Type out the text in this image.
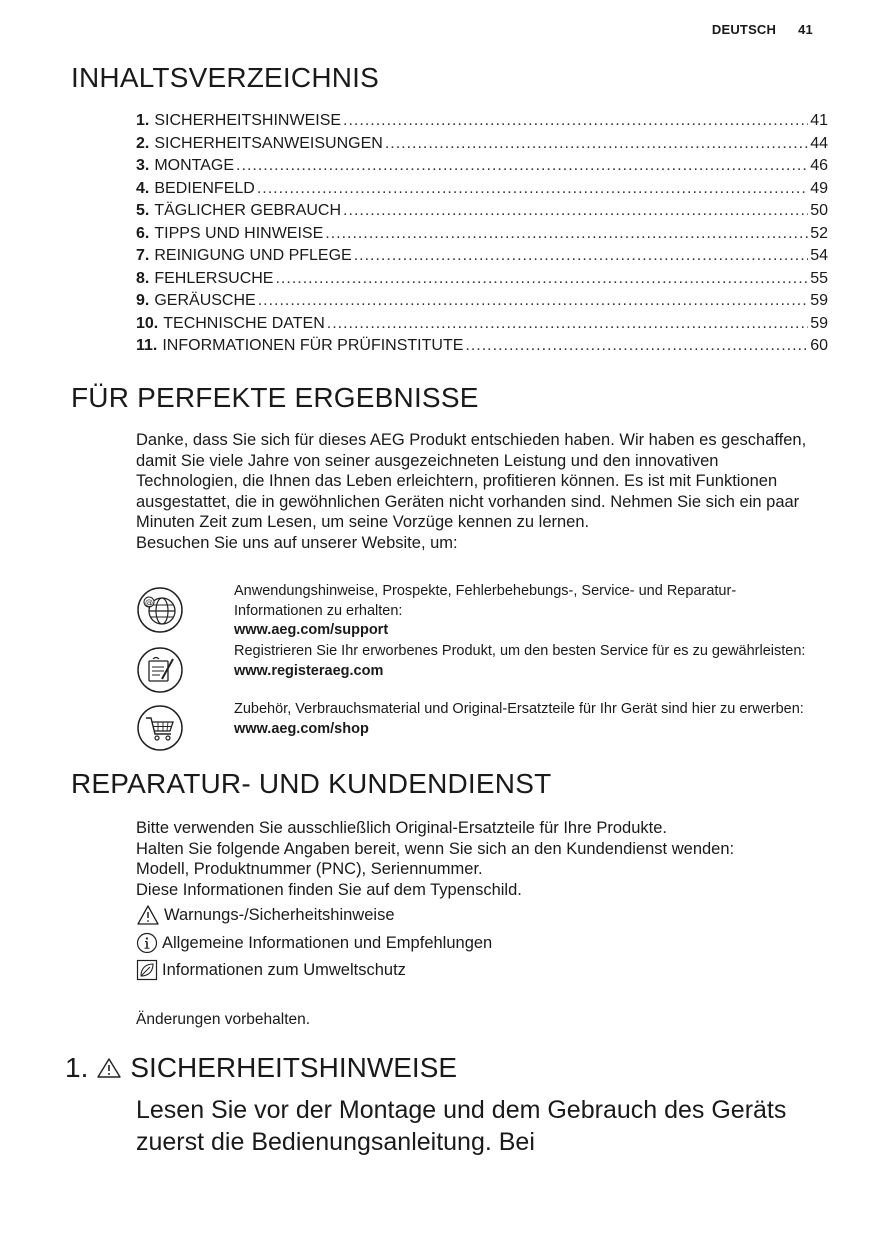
DEUTSCH 41
INHALTSVERZEICHNIS
1. SICHERHEITSHINWEISE .....	41
2. SICHERHEITSANWEISUNGEN .....	44
3. MONTAGE .....	46
4. BEDIENFELD .....	49
5. TÄGLICHER GEBRAUCH .....	50
6. TIPPS UND HINWEISE .....	52
7. REINIGUNG UND PFLEGE .....	54
8. FEHLERSUCHE .....	55
9. GERÄUSCHE .....	59
10. TECHNISCHE DATEN .....	59
11. INFORMATIONEN FÜR PRÜFINSTITUTE .....	60
FÜR PERFEKTE ERGEBNISSE

Danke, dass Sie sich für dieses AEG Produkt entschieden haben. Wir haben es geschaffen, damit Sie viele Jahre von seiner ausgezeichneten Leistung und den innovativen Technologien, die Ihnen das Leben erleichtern, profitieren können. Es ist mit Funktionen ausgestattet, die in gewöhnlichen Geräten nicht vorhanden sind. Nehmen Sie sich ein paar Minuten Zeit zum Lesen, um seine Vorzüge kennen zu lernen.

Besuchen Sie uns auf unserer Website, um:

@
Anwendungshinweise, Prospekte, Fehlerbehebungs-, Service- und Reparatur-Informationen zu erhalten:
www.aeg.com/support
Registrieren Sie Ihr erworbenes Produkt, um den besten Service für es zu gewährleisten:
www.registeraeg.com
Zubehör, Verbrauchsmaterial und Original-Ersatzteile für Ihr Gerät sind hier zu erwerben:
www.aeg.com/shop
REPARATUR- UND KUNDENDIENST

Bitte verwenden Sie ausschließlich Original-Ersatzteile für Ihre Produkte.

Halten Sie folgende Angaben bereit, wenn Sie sich an den Kundendienst wenden: Modell, Produktnummer (PNC), Seriennummer.

Diese Informationen finden Sie auf dem Typenschild.

Warnungs-/Sicherheitshinweise
Allgemeine Informationen und Empfehlungen
Informationen zum Umweltschutz
Änderungen vorbehalten.
1. SICHERHEITSHINWEISE

Lesen Sie vor der Montage und dem Gebrauch des Geräts zuerst die Bedienungsanleitung. Bei
